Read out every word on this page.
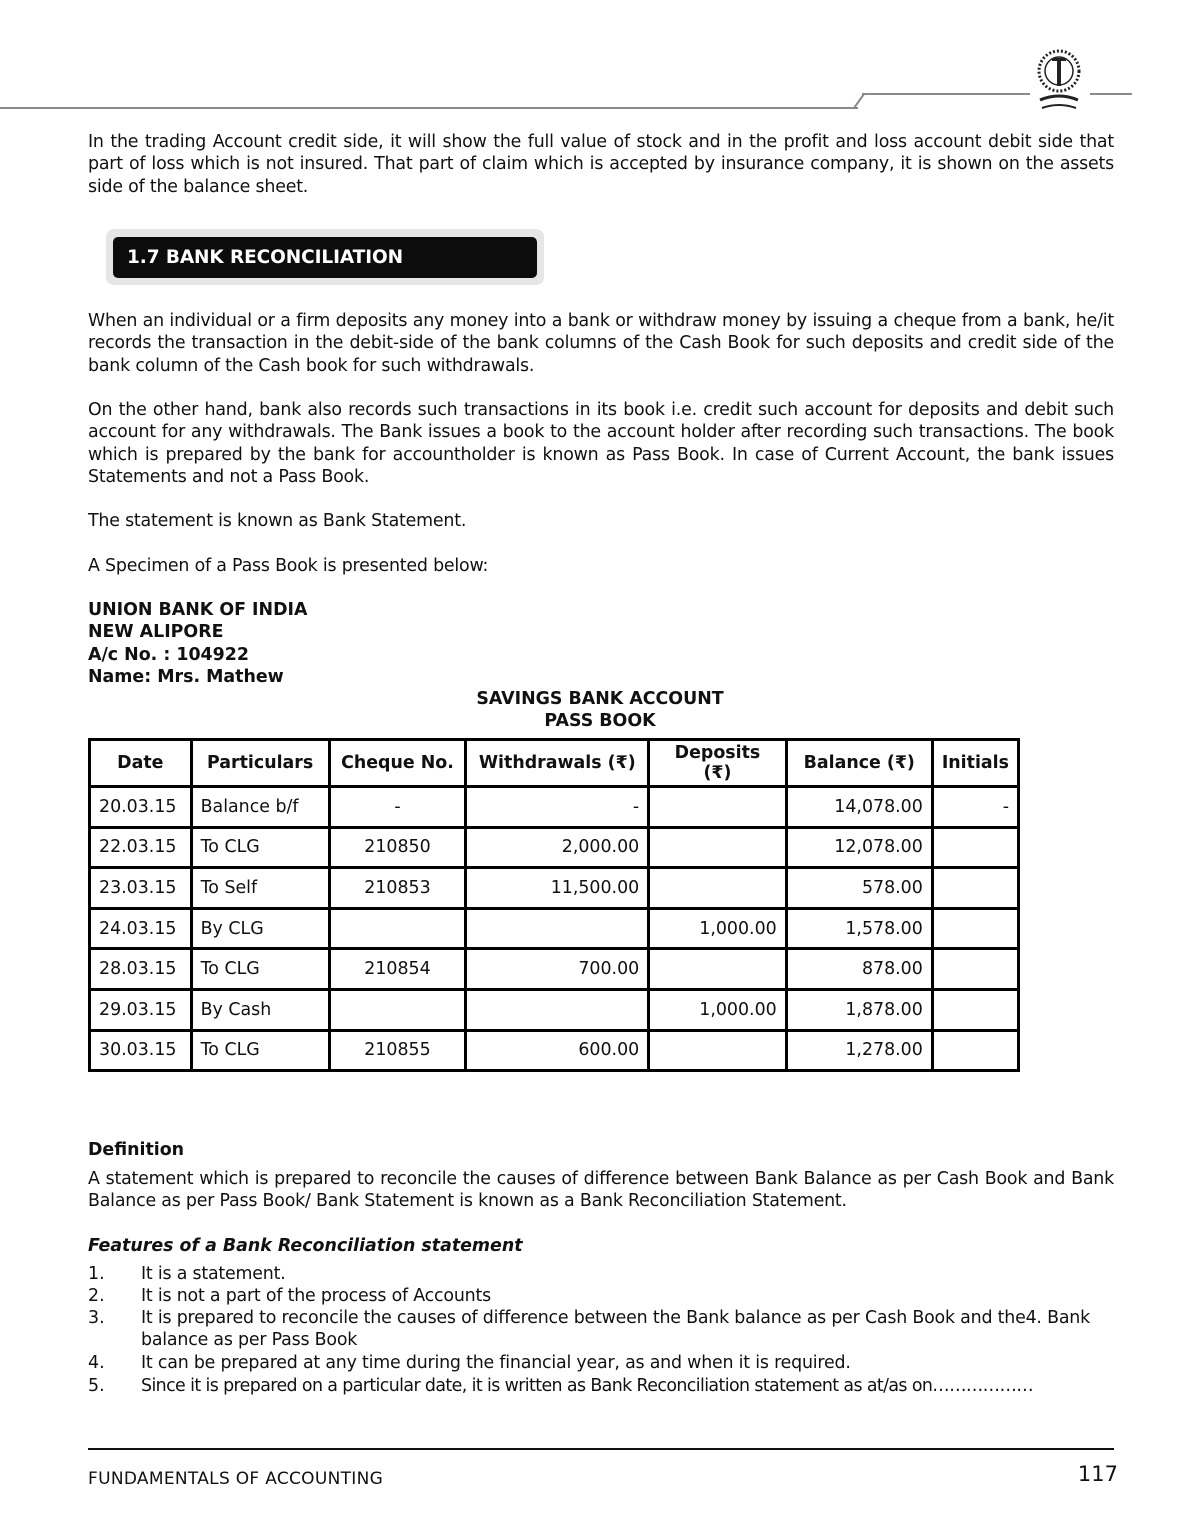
In the trading Account credit side, it will show the full value of stock and in the profit and loss account debit side that part of loss which is not insured. That part of claim which is accepted by insurance company, it is shown on the assets side of the balance sheet.
1.7 BANK RECONCILIATION STATEMENTS
When an individual or a firm deposits any money into a bank or withdraw money by issuing a cheque from a bank, he/it records the transaction in the debit-side of the bank columns of the Cash Book for such deposits and credit side of the bank column of the Cash book for such withdrawals.
On the other hand, bank also records such transactions in its book i.e. credit such account for deposits and debit such account for any withdrawals. The Bank issues a book to the account holder after recording such transactions. The book which is prepared by the bank for accountholder is known as Pass Book. In case of Current Account, the bank issues Statements and not a Pass Book.
The statement is known as Bank Statement.
A Specimen of a Pass Book is presented below:
UNION BANK OF INDIA
NEW ALIPORE
A/c No. : 104922
Name: Mrs. Mathew
SAVINGS BANK ACCOUNT
PASS BOOK
Date	Particulars	Cheque No.	Withdrawals (₹)	Deposits (₹)	Balance (₹)	Initials
20.03.15	Balance b/f	-	-		14,078.00	-
22.03.15	To CLG	210850	2,000.00		12,078.00	
23.03.15	To Self	210853	11,500.00		578.00	
24.03.15	By CLG			1,000.00	1,578.00	
28.03.15	To CLG	210854	700.00		878.00	
29.03.15	By Cash			1,000.00	1,878.00	
30.03.15	To CLG	210855	600.00		1,278.00	
Definition
A statement which is prepared to reconcile the causes of difference between Bank Balance as per Cash Book and Bank Balance as per Pass Book/ Bank Statement is known as a Bank Reconciliation Statement.
Features of a Bank Reconciliation statement
1.	It is a statement.
2.	It is not a part of the process of Accounts
3.	It is prepared to reconcile the causes of difference between the Bank balance as per Cash Book and the4. Bank balance as per Pass Book
4.	It can be prepared at any time during the financial year, as and when it is required.
5.	Since it is prepared on a particular date, it is written as Bank Reconciliation statement as at/as on………………
FUNDAMENTALS OF ACCOUNTING	117
